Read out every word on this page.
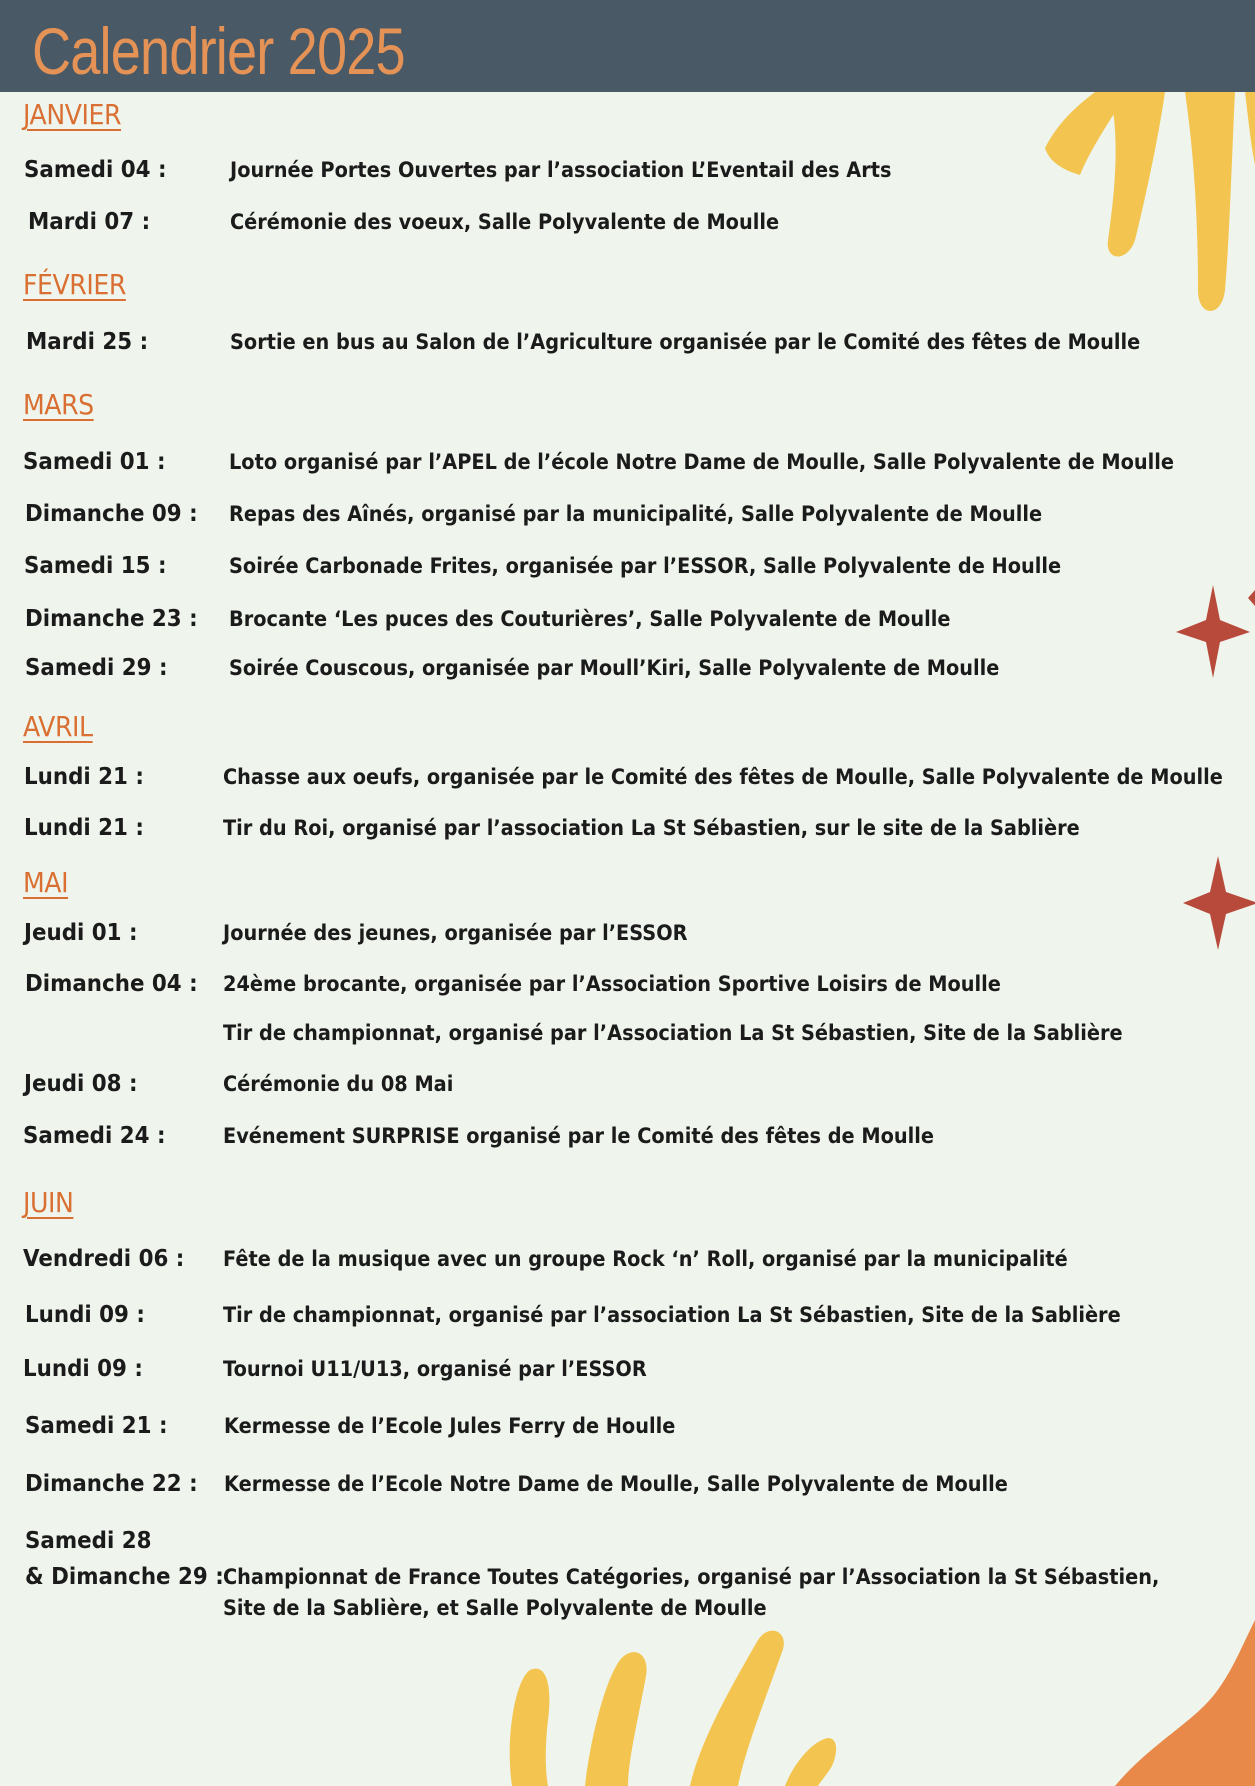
Calendrier 2025
JANVIER
Samedi 04 :	Journée Portes Ouvertes par l’association L’Eventail des Arts
Mardi 07 :	Cérémonie des voeux, Salle Polyvalente de Moulle
FÉVRIER
Mardi 25 :	Sortie en bus au Salon de l’Agriculture organisée par le Comité des fêtes de Moulle
MARS
Samedi 01 :	Loto organisé par l’APEL de l’école Notre Dame de Moulle, Salle Polyvalente de Moulle
Dimanche 09 : Repas des Aînés, organisé par la municipalité, Salle Polyvalente de Moulle
Samedi 15 :	Soirée Carbonade Frites, organisée par l’ESSOR, Salle Polyvalente de Houlle
Dimanche 23 : Brocante ‘Les puces des Couturières’, Salle Polyvalente de Moulle
Samedi 29 :	Soirée Couscous, organisée par Moull’Kiri, Salle Polyvalente de Moulle
AVRIL
Lundi 21 :	Chasse aux oeufs, organisée par le Comité des fêtes de Moulle, Salle Polyvalente de Moulle
Lundi 21 :	Tir du Roi, organisé par l’association La St Sébastien, sur le site de la Sablière
MAI
Jeudi 01 :	Journée des jeunes, organisée par l’ESSOR
Dimanche 04 : 24ème brocante, organisée par l’Association Sportive Loisirs de Moulle
Tir de championnat, organisé par l’Association La St Sébastien, Site de la Sablière
Jeudi 08 :	Cérémonie du 08 Mai
Samedi 24 :	Evénement SURPRISE organisé par le Comité des fêtes de Moulle
JUIN
Vendredi 06 : Fête de la musique avec un groupe Rock ‘n’ Roll, organisé par la municipalité
Lundi 09 :	Tir de championnat, organisé par l’association La St Sébastien, Site de la Sablière
Lundi 09 :	Tournoi U11/U13, organisé par l’ESSOR
Samedi 21 :	Kermesse de l’Ecole Jules Ferry de Houlle
Dimanche 22 : Kermesse de l’Ecole Notre Dame de Moulle, Salle Polyvalente de Moulle
Samedi 28
& Dimanche 29 : Championnat de France Toutes Catégories, organisé par l’Association la St Sébastien,
Site de la Sablière, et Salle Polyvalente de Moulle
